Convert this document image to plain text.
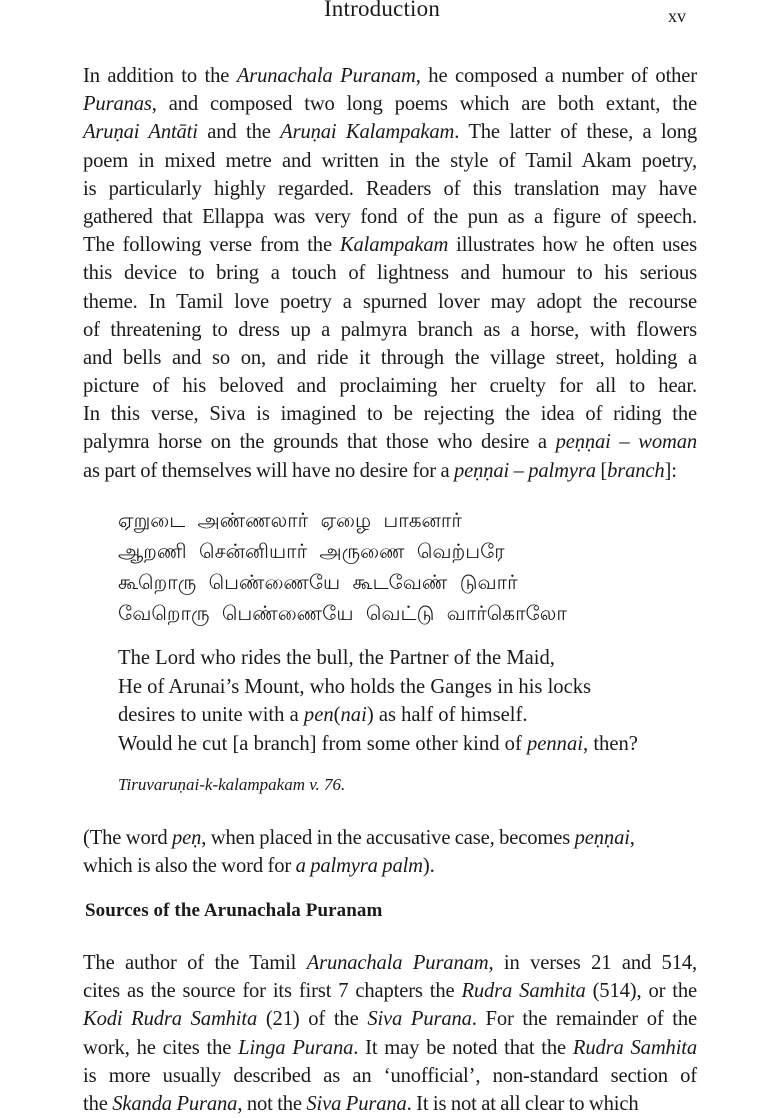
Introduction	xv
In addition to the Arunachala Puranam, he composed a number of other
Puranas, and composed two long poems which are both extant, the
Aruṇai Antāti and the Aruṇai Kalampakam. The latter of these, a long
poem in mixed metre and written in the style of Tamil Akam poetry,
is particularly highly regarded. Readers of this translation may have
gathered that Ellappa was very fond of the pun as a figure of speech.
The following verse from the Kalampakam illustrates how he often uses
this device to bring a touch of lightness and humour to his serious
theme. In Tamil love poetry a spurned lover may adopt the recourse
of threatening to dress up a palmyra branch as a horse, with flowers
and bells and so on, and ride it through the village street, holding a
picture of his beloved and proclaiming her cruelty for all to hear.
In this verse, Siva is imagined to be rejecting the idea of riding the
palymra horse on the grounds that those who desire a peṇṇai – woman
as part of themselves will have no desire for a peṇṇai – palmyra [branch]:
ஏறுடை அண்ணலார் ஏழை பாகனார்
ஆறணி சென்னியார் அருணை வெற்பரே
கூறொரு பெண்ணையே கூடவேண் டுவார்
வேறொரு பெண்ணையே வெட்டு வார்கொலோ
The Lord who rides the bull, the Partner of the Maid,
He of Arunai’s Mount, who holds the Ganges in his locks
desires to unite with a pen(nai) as half of himself.
Would he cut [a branch] from some other kind of pennai, then?
Tiruvaruṇai-k-kalampakam v. 76.
(The word peṇ, when placed in the accusative case, becomes peṇṇai,
which is also the word for a palmyra palm).
Sources of the Arunachala Puranam
The author of the Tamil Arunachala Puranam, in verses 21 and 514,
cites as the source for its first 7 chapters the Rudra Samhita (514), or the
Kodi Rudra Samhita (21) of the Siva Purana. For the remainder of the
work, he cites the Linga Purana. It may be noted that the Rudra Samhita
is more usually described as an ‘unofficial’, non-standard section of
the Skanda Purana, not the Siva Purana. It is not at all clear to which
